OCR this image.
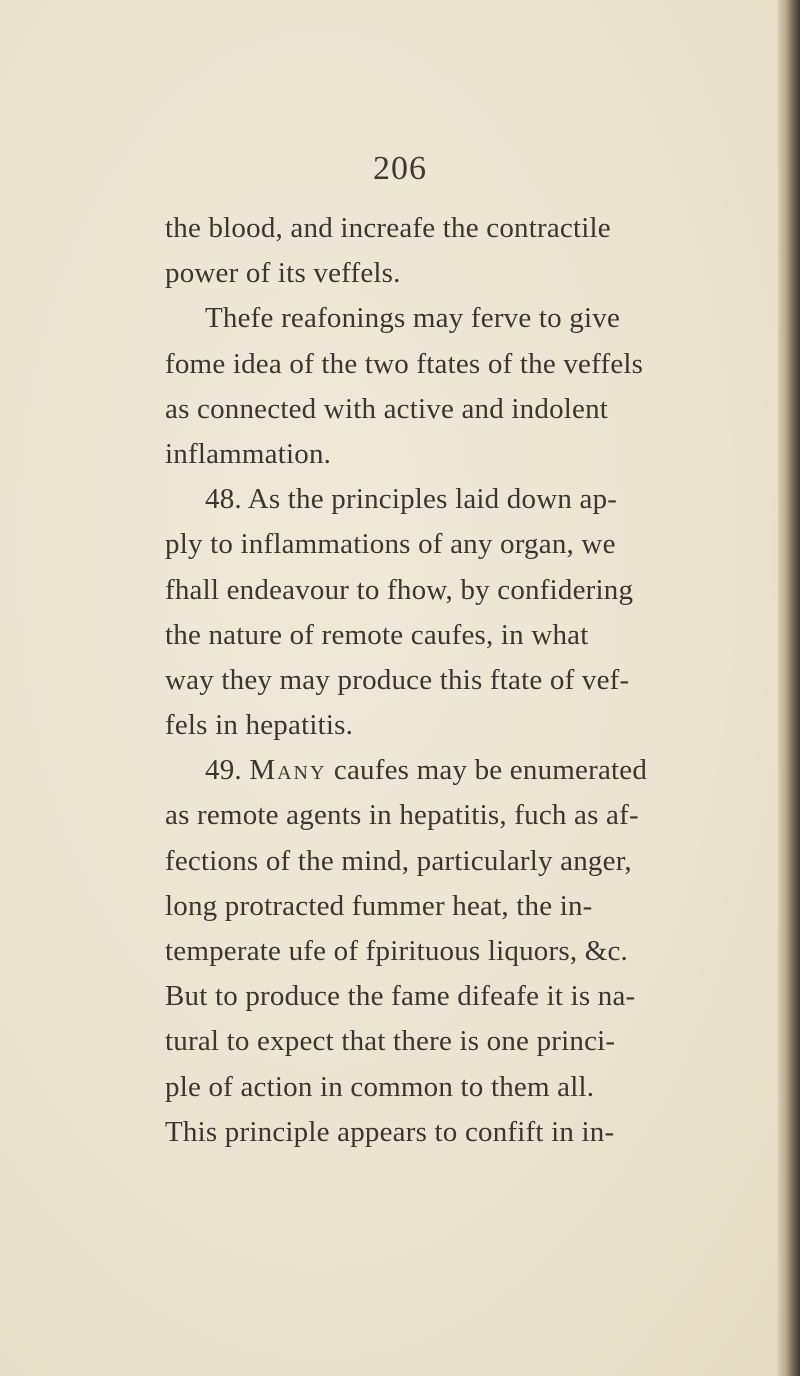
206
the blood, and increafe the contractile
power of its veffels.
Thefe reafonings may ferve to give
fome idea of the two ftates of the veffels
as connected with active and indolent
inflammation.
48. As the principles laid down ap-
ply to inflammations of any organ, we
fhall endeavour to fhow, by confidering
the nature of remote caufes, in what
way they may produce this ftate of vef-
fels in hepatitis.
49. Many caufes may be enumerated
as remote agents in hepatitis, fuch as af-
fections of the mind, particularly anger,
long protracted fummer heat, the in-
temperate ufe of fpirituous liquors, &c.
But to produce the fame difeafe it is na-
tural to expect that there is one princi-
ple of action in common to them all.
This principle appears to confift in in-
